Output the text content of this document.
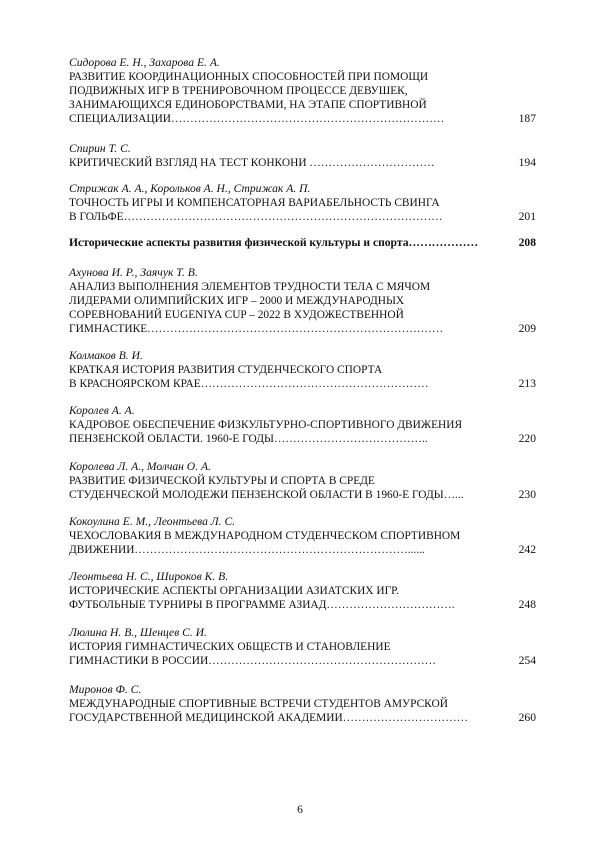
Сидорова Е. Н., Захарова Е. А.
РАЗВИТИЕ КООРДИНАЦИОННЫХ СПОСОБНОСТЕЙ ПРИ ПОМОЩИ
ПОДВИЖНЫХ ИГР В ТРЕНИРОВОЧНОМ ПРОЦЕССЕ ДЕВУШЕК,
ЗАНИМАЮЩИХСЯ ЕДИНОБОРСТВАМИ, НА ЭТАПЕ СПОРТИВНОЙ
СПЕЦИАЛИЗАЦИИ………………………………………………………………	187
Спирин Т. С.
КРИТИЧЕСКИЙ ВЗГЛЯД НА ТЕСТ КОНКОНИ ……………………………	194
Стрижак А. А., Корольков А. Н., Стрижак А. П.
ТОЧНОСТЬ ИГРЫ И КОМПЕНСАТОРНАЯ ВАРИАБЕЛЬНОСТЬ СВИНГА
В ГОЛЬФЕ…………………………………………………………………………	201
Исторические аспекты развития физической культуры и спорта………………	208
Ахунова И. Р., Заячук Т. В.
АНАЛИЗ ВЫПОЛНЕНИЯ ЭЛЕМЕНТОВ ТРУДНОСТИ ТЕЛА С МЯЧОМ
ЛИДЕРАМИ ОЛИМПИЙСКИХ ИГР – 2000 И МЕЖДУНАРОДНЫХ
СОРЕВНОВАНИЙ EUGENIYA CUP – 2022 В ХУДОЖЕСТВЕННОЙ
ГИМНАСТИКЕ……………………………………………………………………	209
Колмаков В. И.
КРАТКАЯ ИСТОРИЯ РАЗВИТИЯ СТУДЕНЧЕСКОГО СПОРТА
В КРАСНОЯРСКОМ КРАЕ……………………………………………………	213
Королев А. А.
КАДРОВОЕ ОБЕСПЕЧЕНИЕ ФИЗКУЛЬТУРНО-СПОРТИВНОГО ДВИЖЕНИЯ
ПЕНЗЕНСКОЙ ОБЛАСТИ. 1960-Е ГОДЫ…………………………………..	220
Королева Л. А., Молчан О. А.
РАЗВИТИЕ ФИЗИЧЕСКОЙ КУЛЬТУРЫ И СПОРТА В СРЕДЕ
СТУДЕНЧЕСКОЙ МОЛОДЕЖИ ПЕНЗЕНСКОЙ ОБЛАСТИ В 1960-Е ГОДЫ…...	230
Кокоулина Е. М., Леонтьева Л. С.
ЧЕХОСЛОВАКИЯ В МЕЖДУНАРОДНОМ СТУДЕНЧЕСКОМ СПОРТИВНОМ
ДВИЖЕНИИ………………………………………………………………......	242
Леонтьева Н. С., Широков К. В.
ИСТОРИЧЕСКИЕ АСПЕКТЫ ОРГАНИЗАЦИИ АЗИАТСКИХ ИГР.
ФУТБОЛЬНЫЕ ТУРНИРЫ В ПРОГРАММЕ АЗИАД…………………………….	248
Люлина Н. В., Шенцев С. И.
ИСТОРИЯ ГИМНАСТИЧЕСКИХ ОБЩЕСТВ И СТАНОВЛЕНИЕ
ГИМНАСТИКИ В РОССИИ……………………………………………………	254
Миронов Ф. С.
МЕЖДУНАРОДНЫЕ СПОРТИВНЫЕ ВСТРЕЧИ СТУДЕНТОВ АМУРСКОЙ
ГОСУДАРСТВЕННОЙ МЕДИЦИНСКОЙ АКАДЕМИИ……………………………	260
6
